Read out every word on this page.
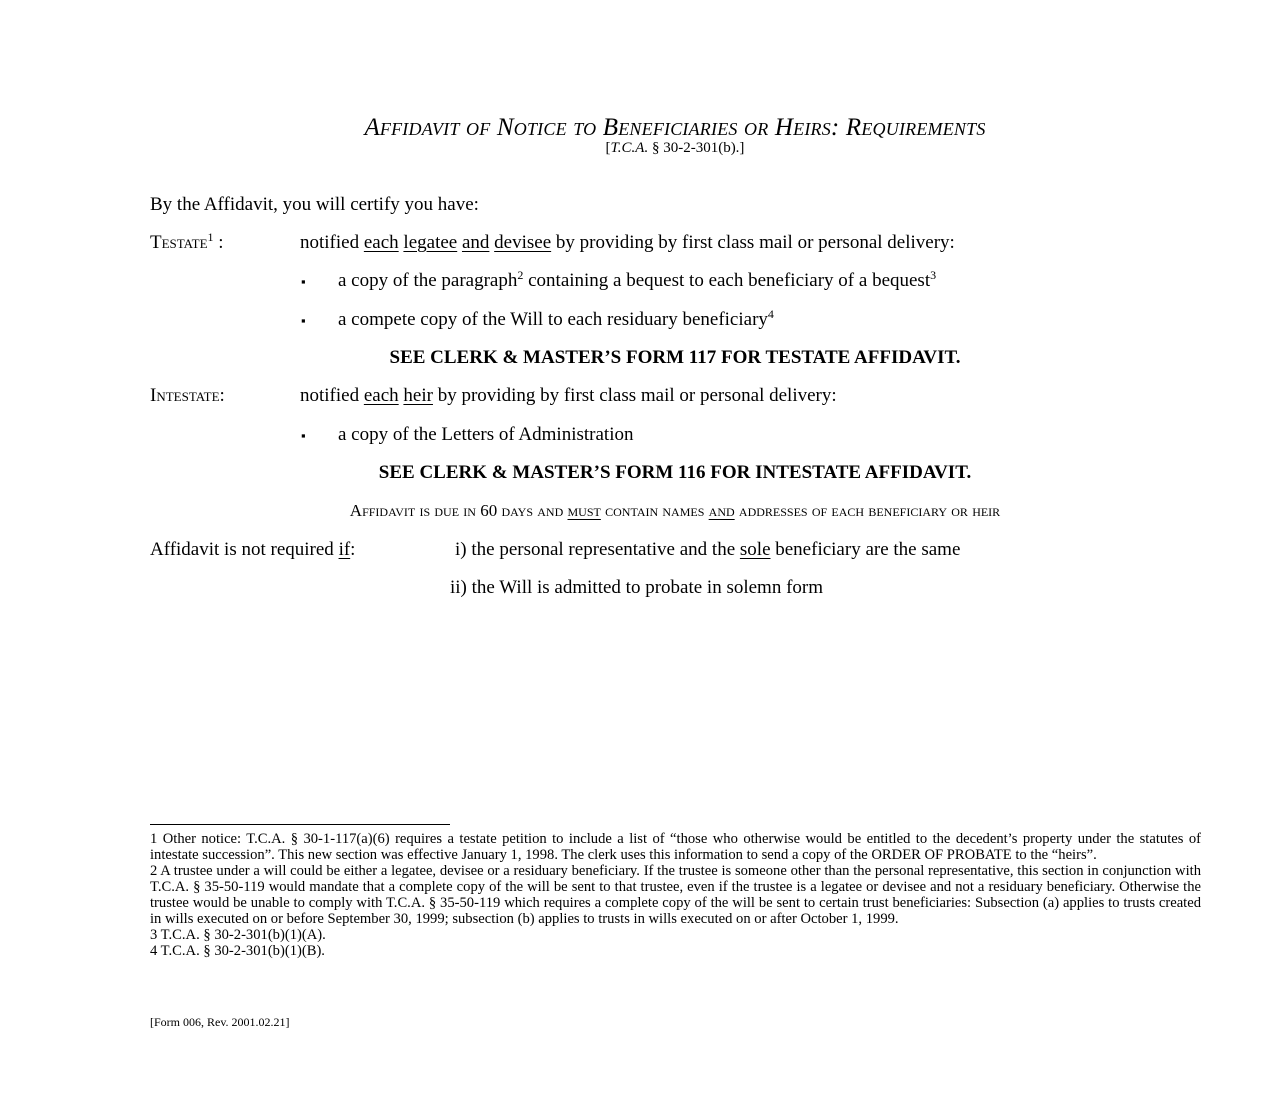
Affidavit of Notice to Beneficiaries or Heirs: Requirements
[T.C.A. § 30-2-301(b).]
By the Affidavit, you will certify you have:
Testate$^1$ :	notified each legatee and devisee by providing by first class mail or personal delivery:
▪ a copy of the paragraph$^2$ containing a bequest to each beneficiary of a bequest$^3$
▪ a compete copy of the Will to each residuary beneficiary$^4$
SEE CLERK & MASTER’S FORM 117 FOR TESTATE AFFIDAVIT.
Intestate:	notified each heir by providing by first class mail or personal delivery:
▪ a copy of the Letters of Administration
SEE CLERK & MASTER’S FORM 116 FOR INTESTATE AFFIDAVIT.
Affidavit is due in 60 days and must contain names and addresses of each beneficiary or heir
Affidavit is not required if:	i) the personal representative and the sole beneficiary are the same
ii) the Will is admitted to probate in solemn form

1 Other notice: T.C.A. § 30-1-117(a)(6) requires a testate petition to include a list of “those who otherwise would be entitled to the decedent’s property under the statutes of intestate succession”. This new section was effective January 1, 1998. The clerk uses this information to send a copy of the ORDER OF PROBATE to the “heirs”.

2 A trustee under a will could be either a legatee, devisee or a residuary beneficiary. If the trustee is someone other than the personal representative, this section in conjunction with T.C.A. § 35-50-119 would mandate that a complete copy of the will be sent to that trustee, even if the trustee is a legatee or devisee and not a residuary beneficiary. Otherwise the trustee would be unable to comply with T.C.A. § 35-50-119 which requires a complete copy of the will be sent to certain trust beneficiaries: Subsection (a) applies to trusts created in wills executed on or before September 30, 1999; subsection (b) applies to trusts in wills executed on or after October 1, 1999.

3 T.C.A. § 30-2-301(b)(1)(A).

4 T.C.A. § 30-2-301(b)(1)(B).

[Form 006, Rev. 2001.02.21]
